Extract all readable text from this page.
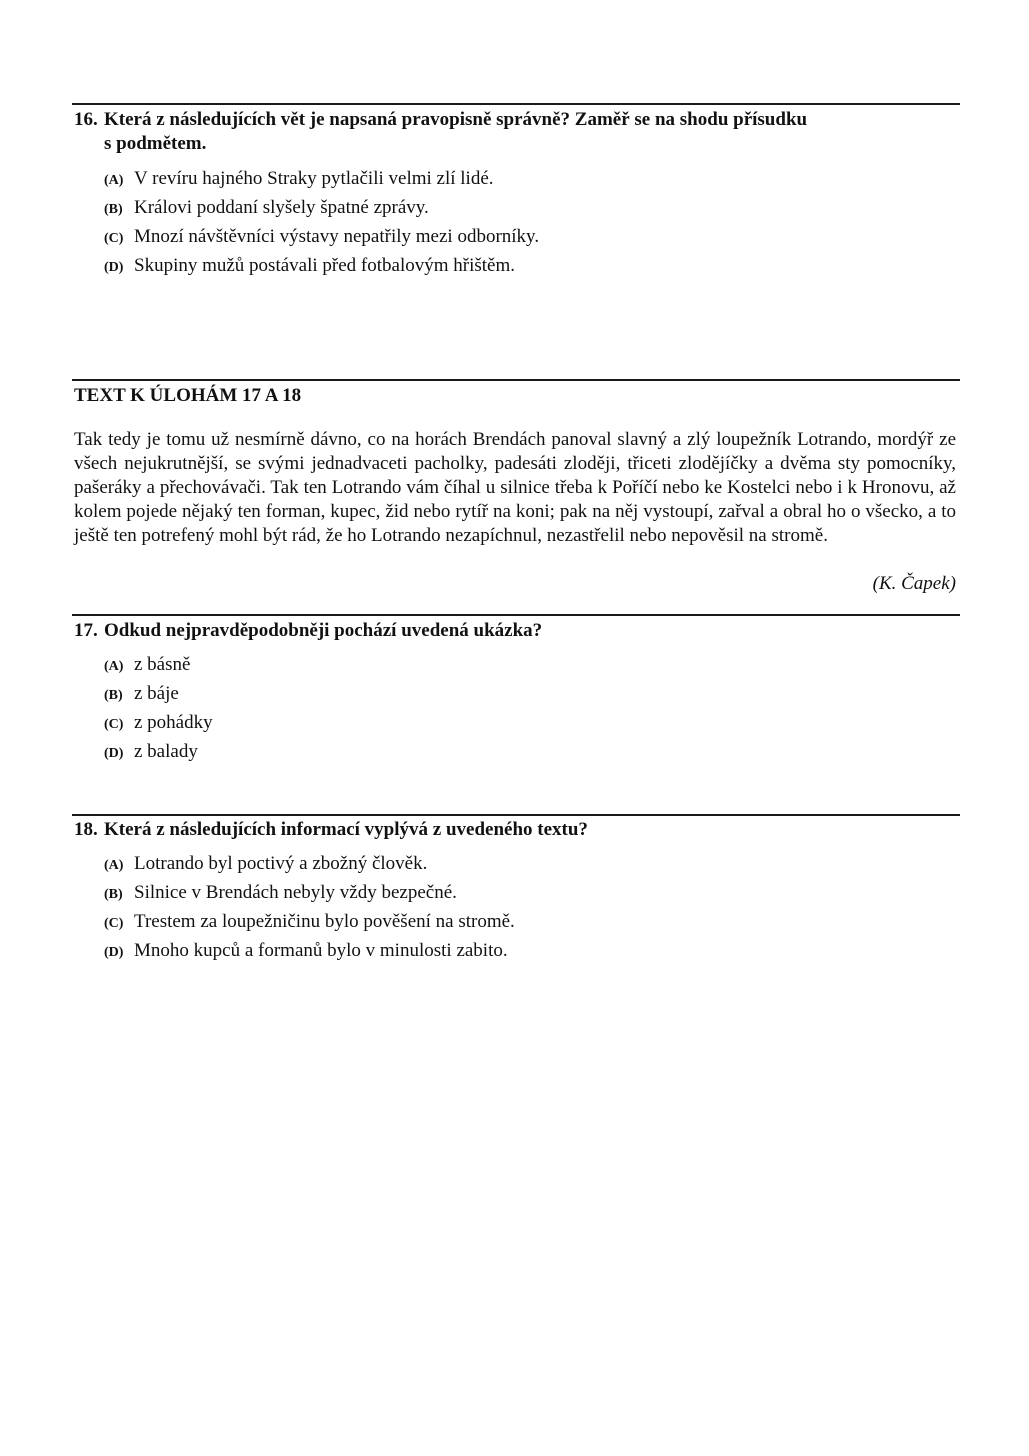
16. Která z následujících vět je napsaná pravopisně správně? Zaměř se na shodu přísudku
s podmětem.
(A) V revíru hajného Straky pytlačili velmi zlí lidé.
(B) Královi poddaní slyšely špatné zprávy.
(C) Mnozí návštěvníci výstavy nepatřily mezi odborníky.
(D) Skupiny mužů postávali před fotbalovým hřištěm.
TEXT K ÚLOHÁM 17 A 18

Tak tedy je tomu už nesmírně dávno, co na horách Brendách panoval slavný a zlý loupežník Lotrando, mordýř ze všech nejukrutnější, se svými jednadvaceti pacholky, padesáti zloději, třiceti zlodějíčky a dvěma sty pomocníky, pašeráky a přechovávači. Tak ten Lotrando vám číhal u silnice třeba k Poříčí nebo ke Kostelci nebo i k Hronovu, až kolem pojede nějaký ten forman, kupec, žid nebo rytíř na koni; pak na něj vystoupí, zařval a obral ho o všecko, a to ještě ten potrefený mohl být rád, že ho Lotrando nezapíchnul, nezastřelil nebo nepověsil na stromě.

(K. Čapek)
17. Odkud nejpravděpodobněji pochází uvedená ukázka?
(A) z básně
(B) z báje
(C) z pohádky
(D) z balady
18. Která z následujících informací vyplývá z uvedeného textu?
(A) Lotrando byl poctivý a zbožný člověk.
(B) Silnice v Brendách nebyly vždy bezpečné.
(C) Trestem za loupežničinu bylo pověšení na stromě.
(D) Mnoho kupců a formanů bylo v minulosti zabito.
